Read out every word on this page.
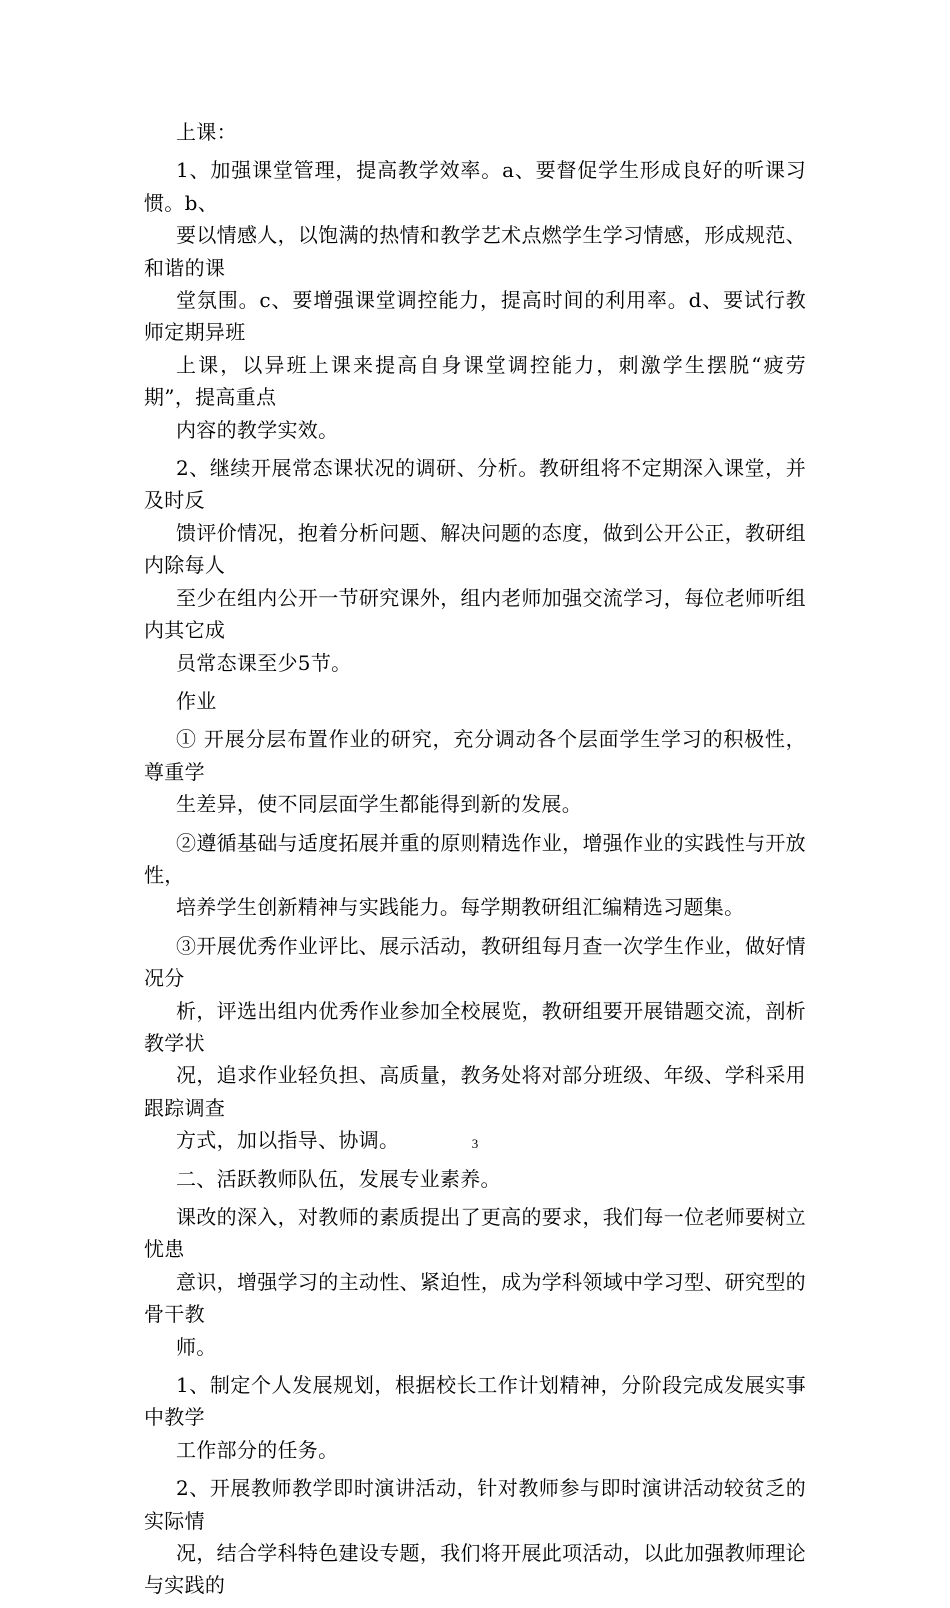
上课：

1、加强课堂管理，提高教学效率。a、要督促学生形成良好的听课习惯。b、
要以情感人，以饱满的热情和教学艺术点燃学生学习情感，形成规范、和谐的课
堂氛围。c、要增强课堂调控能力，提高时间的利用率。d、要试行教师定期异班
上课，以异班上课来提高自身课堂调控能力，刺激学生摆脱“疲劳期”，提高重点
内容的教学实效。

2、继续开展常态课状况的调研、分析。教研组将不定期深入课堂，并及时反
馈评价情况，抱着分析问题、解决问题的态度，做到公开公正，教研组内除每人
至少在组内公开一节研究课外，组内老师加强交流学习，每位老师听组内其它成
员常态课至少5节。

作业

① 开展分层布置作业的研究，充分调动各个层面学生学习的积极性，尊重学
生差异，使不同层面学生都能得到新的发展。

②遵循基础与适度拓展并重的原则精选作业，增强作业的实践性与开放性，
培养学生创新精神与实践能力。每学期教研组汇编精选习题集。

③开展优秀作业评比、展示活动，教研组每月查一次学生作业，做好情况分
析，评选出组内优秀作业参加全校展览，教研组要开展错题交流，剖析教学状
况，追求作业轻负担、高质量，教务处将对部分班级、年级、学科采用跟踪调查
方式，加以指导、协调。

二、活跃教师队伍，发展专业素养。

课改的深入，对教师的素质提出了更高的要求，我们每一位老师要树立忧患
意识，增强学习的主动性、紧迫性，成为学科领域中学习型、研究型的骨干教
师。

1、制定个人发展规划，根据校长工作计划精神，分阶段完成发展实事中教学
工作部分的任务。

2、开展教师教学即时演讲活动，针对教师参与即时演讲活动较贫乏的实际情
况，结合学科特色建设专题，我们将开展此项活动，以此加强教师理论与实践的

3
